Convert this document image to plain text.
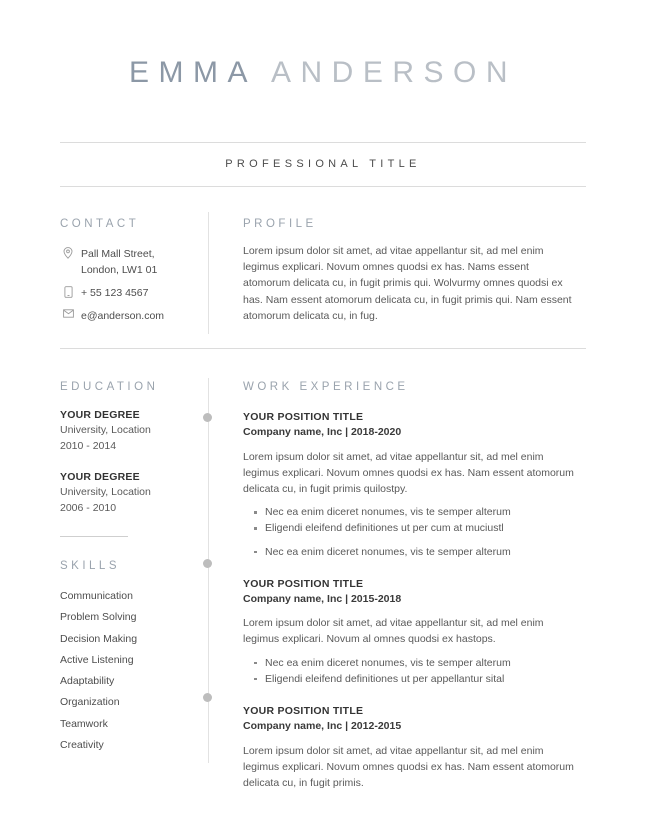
EMMA ANDERSON
PROFESSIONAL TITLE
CONTACT
Pall Mall Street,
London, LW1 01
+ 55 123 4567
e@anderson.com
PROFILE
Lorem ipsum dolor sit amet, ad vitae appellantur sit, ad mel enim legimus explicari. Novum omnes quodsi ex has. Nams essent atomorum delicata cu, in fugit primis qui. Wolvurmy omnes quodsi ex has. Nam essent atomorum delicata cu, in fugit primis qui. Nam essent atomorum delicata cu, in fug.
EDUCATION
YOUR DEGREE
University, Location
2010 - 2014
YOUR DEGREE
University, Location
2006 - 2010
SKILLS
Communication
Problem Solving
Decision Making
Active Listening
Adaptability
Organization
Teamwork
Creativity
WORK EXPERIENCE
YOUR POSITION TITLE
Company name, Inc | 2018-2020
Lorem ipsum dolor sit amet, ad vitae appellantur sit, ad mel enim legimus explicari. Novum omnes quodsi ex has. Nam essent atomorum delicata cu, in fugit primis quilostpy.
Nec ea enim diceret nonumes, vis te semper alterum
Eligendi eleifend definitiones ut per cum at muciustl
Nec ea enim diceret nonumes, vis te semper alterum
YOUR POSITION TITLE
Company name, Inc | 2015-2018
Lorem ipsum dolor sit amet, ad vitae appellantur sit, ad mel enim legimus explicari. Novum al omnes quodsi ex hastops.
Nec ea enim diceret nonumes, vis te semper alterum
Eligendi eleifend definitiones ut per appellantur sital
YOUR POSITION TITLE
Company name, Inc | 2012-2015
Lorem ipsum dolor sit amet, ad vitae appellantur sit, ad mel enim legimus explicari. Novum omnes quodsi ex has. Nam essent atomorum delicata cu, in fugit primis.
